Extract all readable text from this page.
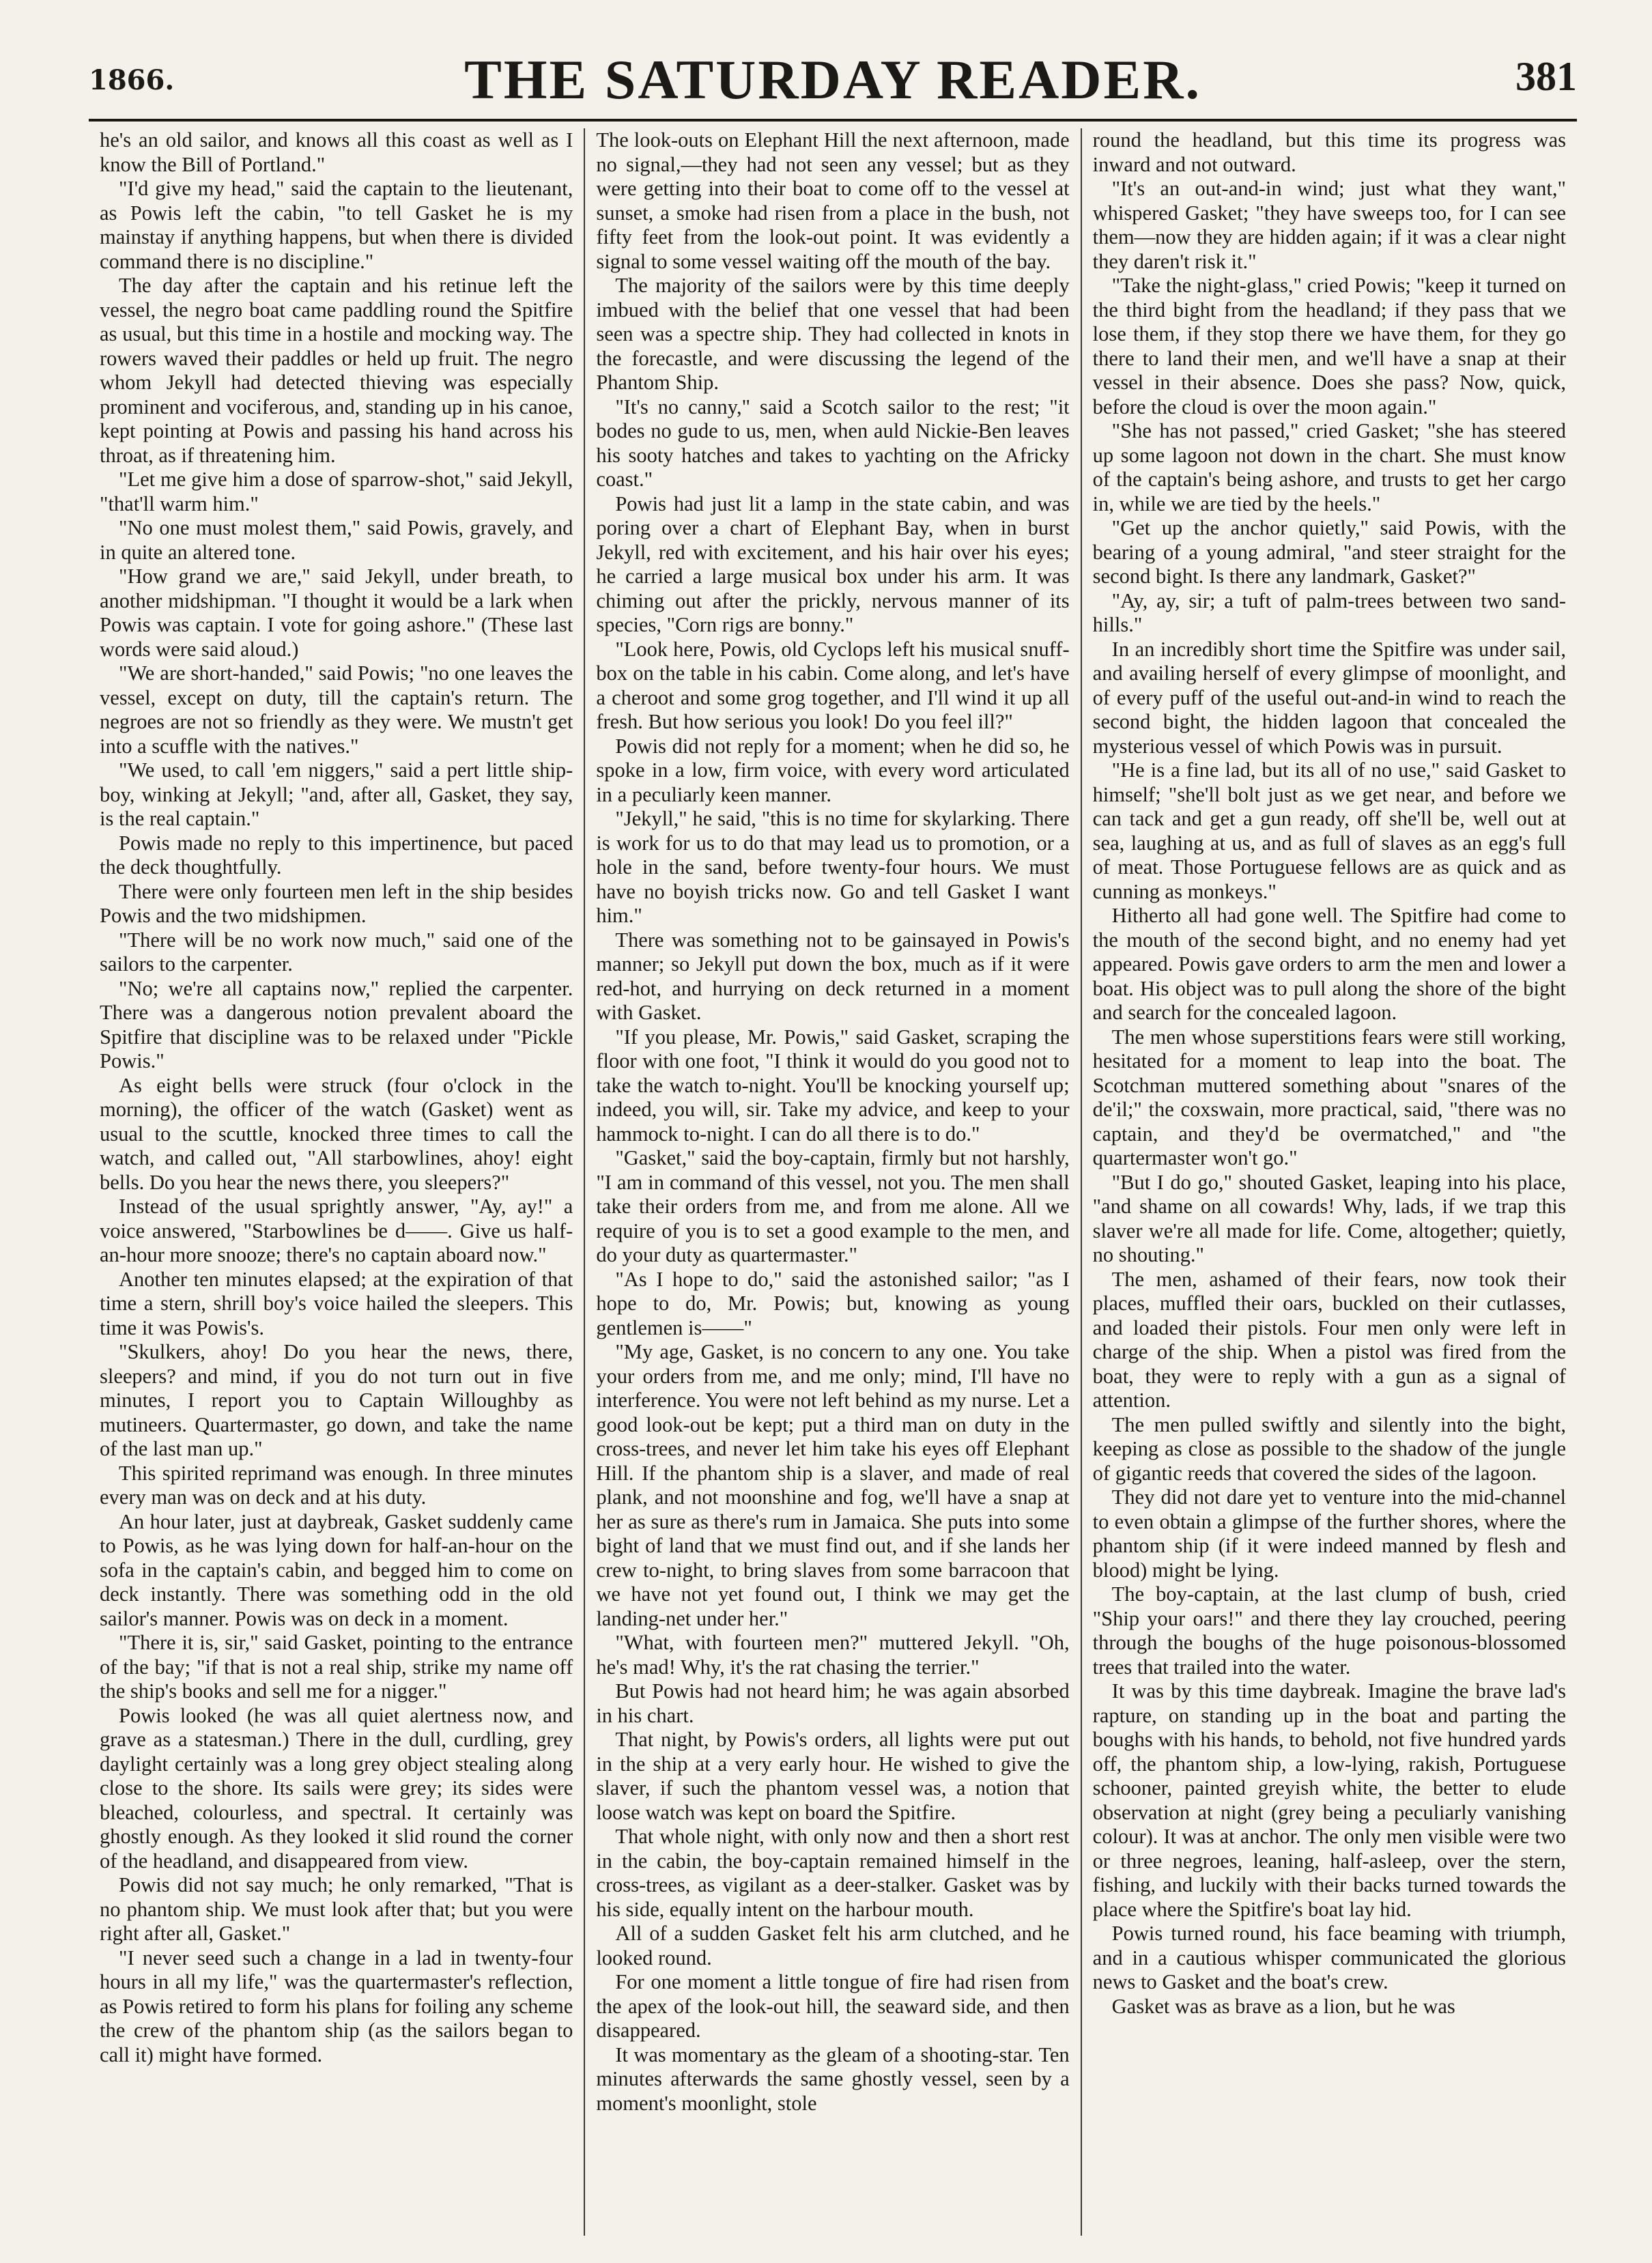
1866.	THE SATURDAY READER.	381

he's an old sailor, and knows all this coast as well as I know the Bill of Portland."

"I'd give my head," said the captain to the lieutenant, as Powis left the cabin, "to tell Gasket he is my mainstay if anything happens, but when there is divided command there is no discipline."

The day after the captain and his retinue left the vessel, the negro boat came paddling round the Spitfire as usual, but this time in a hostile and mocking way. The rowers waved their paddles or held up fruit. The negro whom Jekyll had detected thieving was especially prominent and vociferous, and, standing up in his canoe, kept pointing at Powis and passing his hand across his throat, as if threatening him.

"Let me give him a dose of sparrow-shot," said Jekyll, "that'll warm him."

"No one must molest them," said Powis, gravely, and in quite an altered tone.

"How grand we are," said Jekyll, under breath, to another midshipman. "I thought it would be a lark when Powis was captain. I vote for going ashore." (These last words were said aloud.)

"We are short-handed," said Powis; "no one leaves the vessel, except on duty, till the captain's return. The negroes are not so friendly as they were. We mustn't get into a scuffle with the natives."

"We used, to call 'em niggers," said a pert little ship-boy, winking at Jekyll; "and, after all, Gasket, they say, is the real captain."

Powis made no reply to this impertinence, but paced the deck thoughtfully.

There were only fourteen men left in the ship besides Powis and the two midshipmen.

"There will be no work now much," said one of the sailors to the carpenter.

"No; we're all captains now," replied the carpenter. There was a dangerous notion prevalent aboard the Spitfire that discipline was to be relaxed under "Pickle Powis."

As eight bells were struck (four o'clock in the morning), the officer of the watch (Gasket) went as usual to the scuttle, knocked three times to call the watch, and called out, "All starbowlines, ahoy! eight bells. Do you hear the news there, you sleepers?"

Instead of the usual sprightly answer, "Ay, ay!" a voice answered, "Starbowlines be d——. Give us half-an-hour more snooze; there's no captain aboard now."

Another ten minutes elapsed; at the expiration of that time a stern, shrill boy's voice hailed the sleepers. This time it was Powis's.

"Skulkers, ahoy! Do you hear the news, there, sleepers? and mind, if you do not turn out in five minutes, I report you to Captain Willoughby as mutineers. Quartermaster, go down, and take the name of the last man up."

This spirited reprimand was enough. In three minutes every man was on deck and at his duty.

An hour later, just at daybreak, Gasket suddenly came to Powis, as he was lying down for half-an-hour on the sofa in the captain's cabin, and begged him to come on deck instantly. There was something odd in the old sailor's manner. Powis was on deck in a moment.

"There it is, sir," said Gasket, pointing to the entrance of the bay; "if that is not a real ship, strike my name off the ship's books and sell me for a nigger."

Powis looked (he was all quiet alertness now, and grave as a statesman.) There in the dull, curdling, grey daylight certainly was a long grey object stealing along close to the shore. Its sails were grey; its sides were bleached, colourless, and spectral. It certainly was ghostly enough. As they looked it slid round the corner of the headland, and disappeared from view.

Powis did not say much; he only remarked, "That is no phantom ship. We must look after that; but you were right after all, Gasket."

"I never seed such a change in a lad in twenty-four hours in all my life," was the quartermaster's reflection, as Powis retired to form his plans for foiling any scheme the crew of the phantom ship (as the sailors began to call it) might have formed.

The look-outs on Elephant Hill the next afternoon, made no signal,—they had not seen any vessel; but as they were getting into their boat to come off to the vessel at sunset, a smoke had risen from a place in the bush, not fifty feet from the look-out point. It was evidently a signal to some vessel waiting off the mouth of the bay.

The majority of the sailors were by this time deeply imbued with the belief that one vessel that had been seen was a spectre ship. They had collected in knots in the forecastle, and were discussing the legend of the Phantom Ship.

"It's no canny," said a Scotch sailor to the rest; "it bodes no gude to us, men, when auld Nickie-Ben leaves his sooty hatches and takes to yachting on the Africky coast."

Powis had just lit a lamp in the state cabin, and was poring over a chart of Elephant Bay, when in burst Jekyll, red with excitement, and his hair over his eyes; he carried a large musical box under his arm. It was chiming out after the prickly, nervous manner of its species, "Corn rigs are bonny."

"Look here, Powis, old Cyclops left his musical snuff-box on the table in his cabin. Come along, and let's have a cheroot and some grog together, and I'll wind it up all fresh. But how serious you look! Do you feel ill?"

Powis did not reply for a moment; when he did so, he spoke in a low, firm voice, with every word articulated in a peculiarly keen manner.

"Jekyll," he said, "this is no time for skylarking. There is work for us to do that may lead us to promotion, or a hole in the sand, before twenty-four hours. We must have no boyish tricks now. Go and tell Gasket I want him."

There was something not to be gainsayed in Powis's manner; so Jekyll put down the box, much as if it were red-hot, and hurrying on deck returned in a moment with Gasket.

"If you please, Mr. Powis," said Gasket, scraping the floor with one foot, "I think it would do you good not to take the watch to-night. You'll be knocking yourself up; indeed, you will, sir. Take my advice, and keep to your hammock to-night. I can do all there is to do."

"Gasket," said the boy-captain, firmly but not harshly, "I am in command of this vessel, not you. The men shall take their orders from me, and from me alone. All we require of you is to set a good example to the men, and do your duty as quartermaster."

"As I hope to do," said the astonished sailor; "as I hope to do, Mr. Powis; but, knowing as young gentlemen is——"

"My age, Gasket, is no concern to any one. You take your orders from me, and me only; mind, I'll have no interference. You were not left behind as my nurse. Let a good look-out be kept; put a third man on duty in the cross-trees, and never let him take his eyes off Elephant Hill. If the phantom ship is a slaver, and made of real plank, and not moonshine and fog, we'll have a snap at her as sure as there's rum in Jamaica. She puts into some bight of land that we must find out, and if she lands her crew to-night, to bring slaves from some barracoon that we have not yet found out, I think we may get the landing-net under her."

"What, with fourteen men?" muttered Jekyll. "Oh, he's mad! Why, it's the rat chasing the terrier."

But Powis had not heard him; he was again absorbed in his chart.

That night, by Powis's orders, all lights were put out in the ship at a very early hour. He wished to give the slaver, if such the phantom vessel was, a notion that loose watch was kept on board the Spitfire.

That whole night, with only now and then a short rest in the cabin, the boy-captain remained himself in the cross-trees, as vigilant as a deer-stalker. Gasket was by his side, equally intent on the harbour mouth.

All of a sudden Gasket felt his arm clutched, and he looked round.

For one moment a little tongue of fire had risen from the apex of the look-out hill, the seaward side, and then disappeared.

It was momentary as the gleam of a shooting-star. Ten minutes afterwards the same ghostly vessel, seen by a moment's moonlight, stole

round the headland, but this time its progress was inward and not outward.

"It's an out-and-in wind; just what they want," whispered Gasket; "they have sweeps too, for I can see them—now they are hidden again; if it was a clear night they daren't risk it."

"Take the night-glass," cried Powis; "keep it turned on the third bight from the headland; if they pass that we lose them, if they stop there we have them, for they go there to land their men, and we'll have a snap at their vessel in their absence. Does she pass? Now, quick, before the cloud is over the moon again."

"She has not passed," cried Gasket; "she has steered up some lagoon not down in the chart. She must know of the captain's being ashore, and trusts to get her cargo in, while we are tied by the heels."

"Get up the anchor quietly," said Powis, with the bearing of a young admiral, "and steer straight for the second bight. Is there any landmark, Gasket?"

"Ay, ay, sir; a tuft of palm-trees between two sand-hills."

In an incredibly short time the Spitfire was under sail, and availing herself of every glimpse of moonlight, and of every puff of the useful out-and-in wind to reach the second bight, the hidden lagoon that concealed the mysterious vessel of which Powis was in pursuit.

"He is a fine lad, but its all of no use," said Gasket to himself; "she'll bolt just as we get near, and before we can tack and get a gun ready, off she'll be, well out at sea, laughing at us, and as full of slaves as an egg's full of meat. Those Portuguese fellows are as quick and as cunning as monkeys."

Hitherto all had gone well. The Spitfire had come to the mouth of the second bight, and no enemy had yet appeared. Powis gave orders to arm the men and lower a boat. His object was to pull along the shore of the bight and search for the concealed lagoon.

The men whose superstitions fears were still working, hesitated for a moment to leap into the boat. The Scotchman muttered something about "snares of the de'il;" the coxswain, more practical, said, "there was no captain, and they'd be overmatched," and "the quartermaster won't go."

"But I do go," shouted Gasket, leaping into his place, "and shame on all cowards! Why, lads, if we trap this slaver we're all made for life. Come, altogether; quietly, no shouting."

The men, ashamed of their fears, now took their places, muffled their oars, buckled on their cutlasses, and loaded their pistols. Four men only were left in charge of the ship. When a pistol was fired from the boat, they were to reply with a gun as a signal of attention.

The men pulled swiftly and silently into the bight, keeping as close as possible to the shadow of the jungle of gigantic reeds that covered the sides of the lagoon.

They did not dare yet to venture into the mid-channel to even obtain a glimpse of the further shores, where the phantom ship (if it were indeed manned by flesh and blood) might be lying.

The boy-captain, at the last clump of bush, cried "Ship your oars!" and there they lay crouched, peering through the boughs of the huge poisonous-blossomed trees that trailed into the water.

It was by this time daybreak. Imagine the brave lad's rapture, on standing up in the boat and parting the boughs with his hands, to behold, not five hundred yards off, the phantom ship, a low-lying, rakish, Portuguese schooner, painted greyish white, the better to elude observation at night (grey being a peculiarly vanishing colour). It was at anchor. The only men visible were two or three negroes, leaning, half-asleep, over the stern, fishing, and luckily with their backs turned towards the place where the Spitfire's boat lay hid.

Powis turned round, his face beaming with triumph, and in a cautious whisper communicated the glorious news to Gasket and the boat's crew.

Gasket was as brave as a lion, but he was
